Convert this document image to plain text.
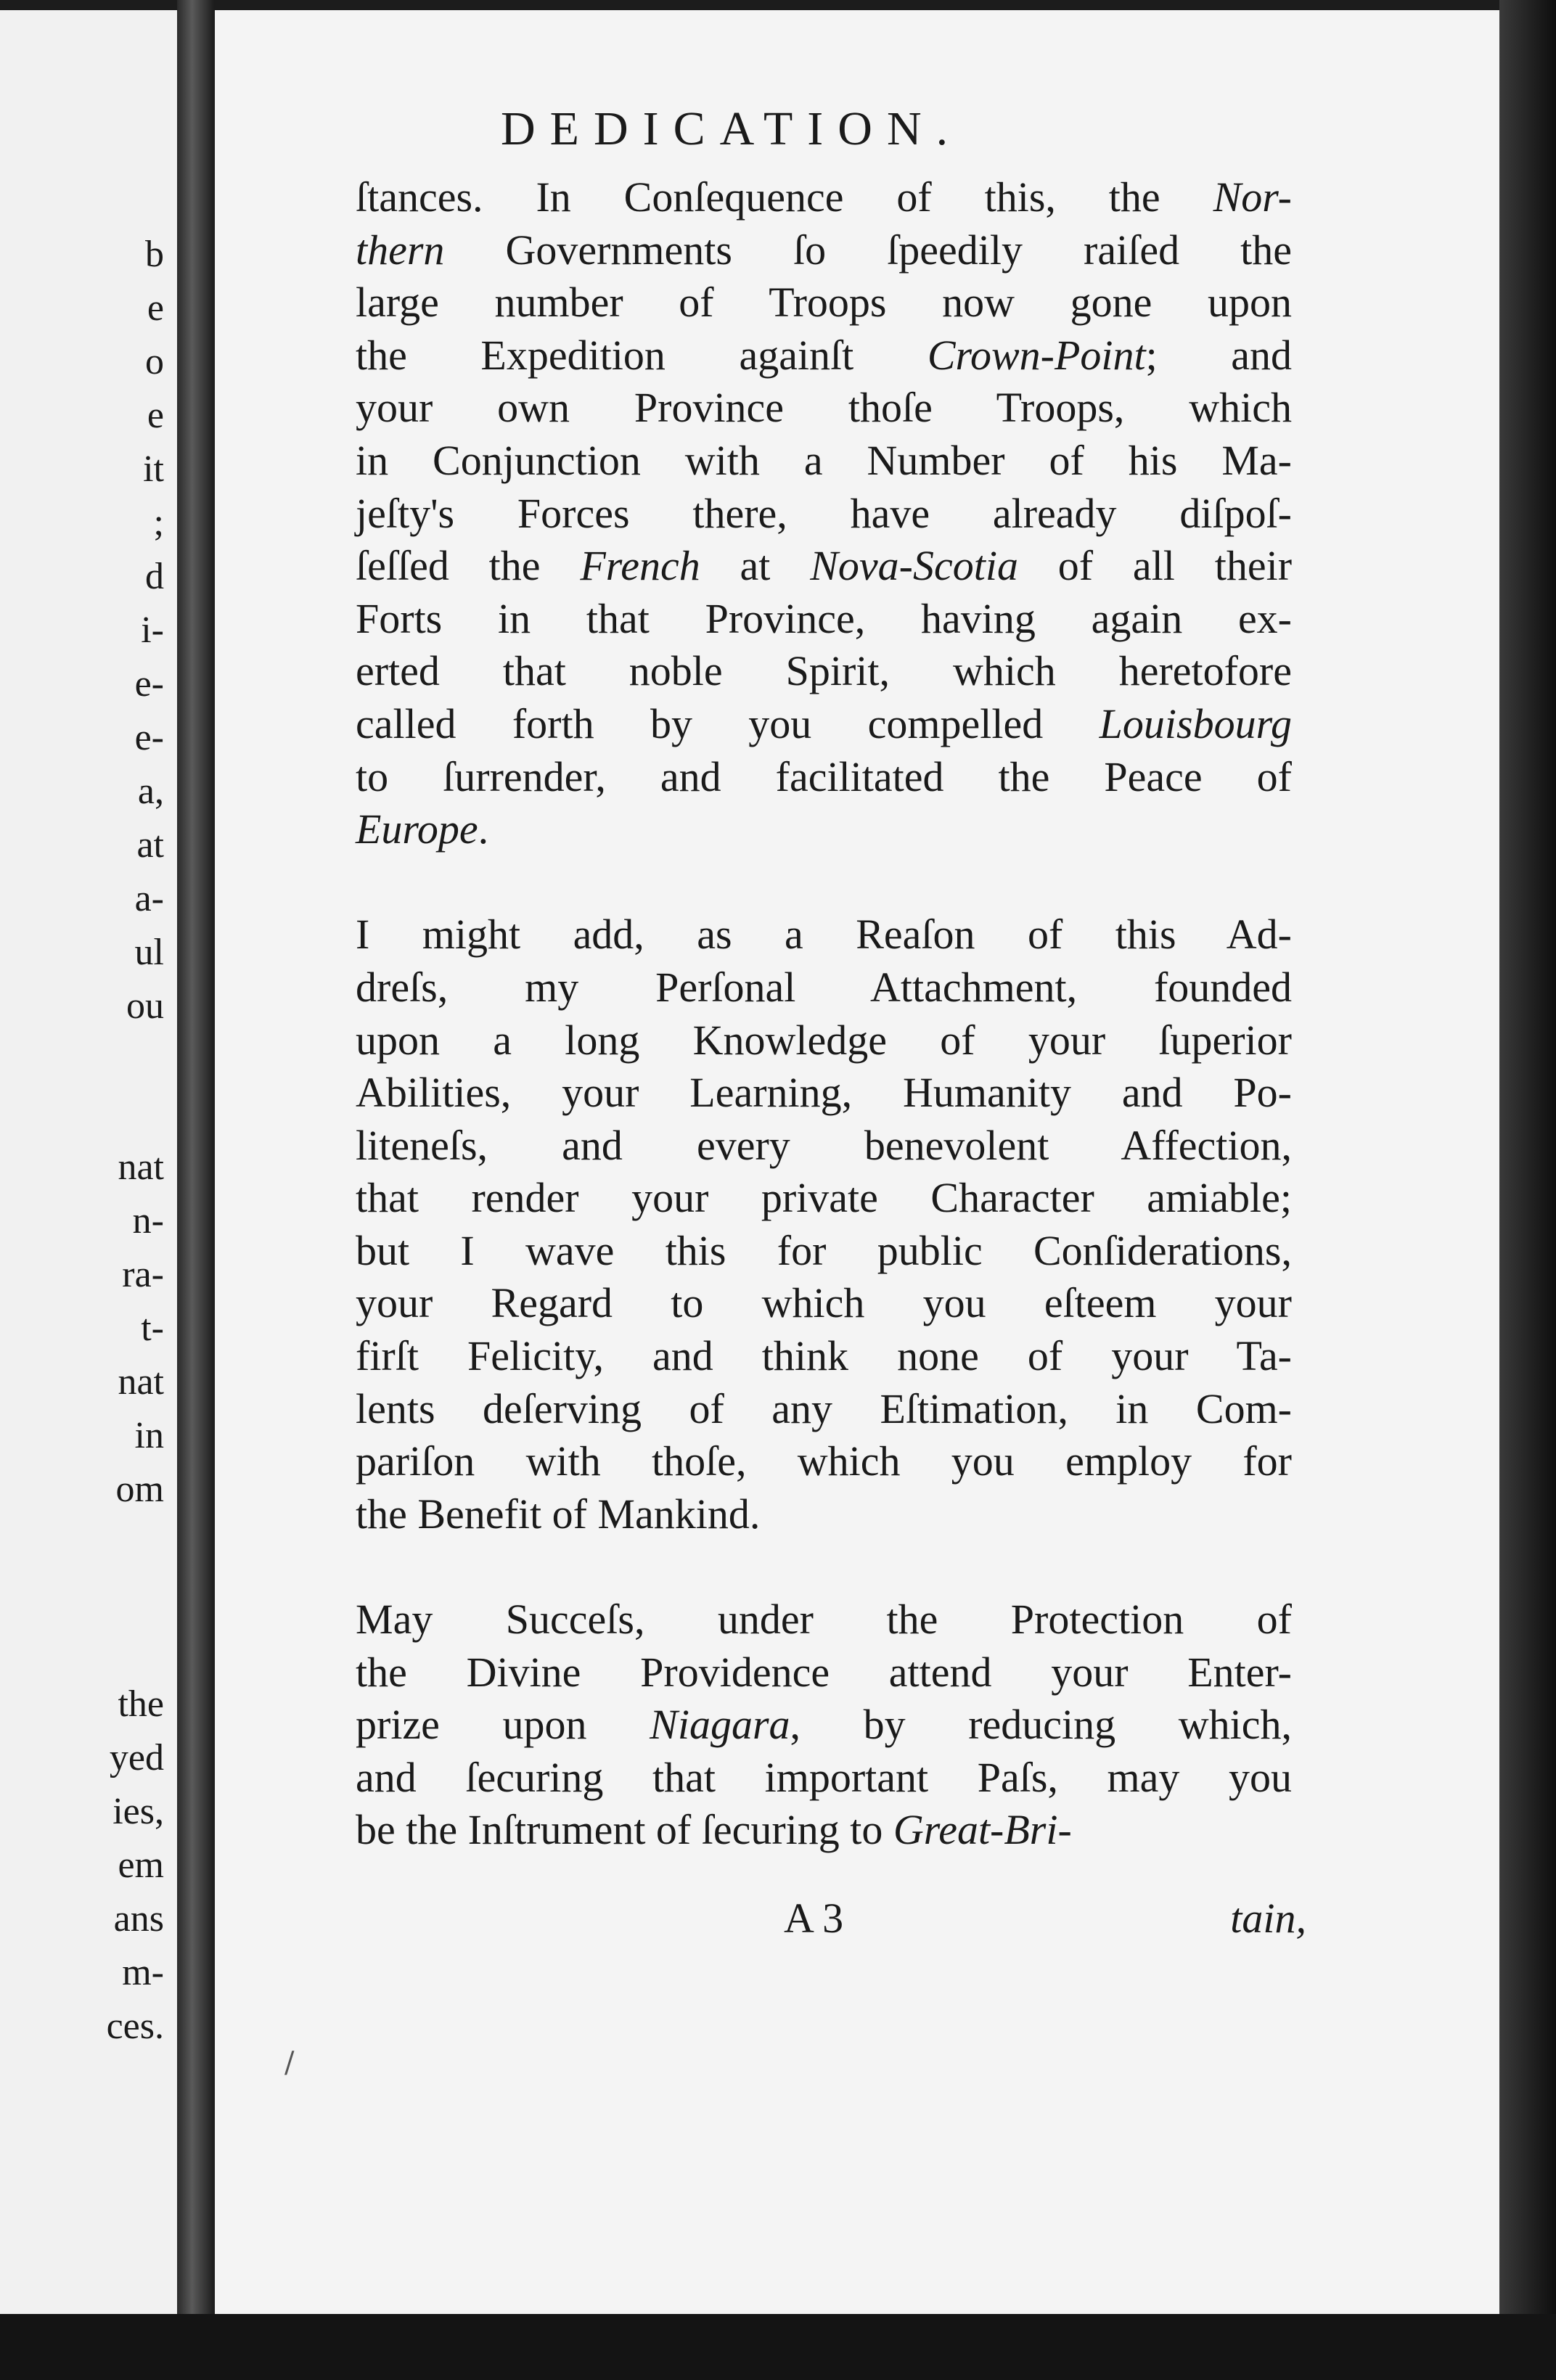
b
e
o
e
it
;
d
i-
e-
e-
a,
at
a-
ul
ou
nat
n-
ra-
t-
nat
in
om
the
yed
ies,
em
ans
m-
ces.
DEDICATION.
ſtances. In Conſequence of this, the Nor-
thern Governments ſo ſpeedily raiſed the
large number of Troops now gone upon
the Expedition againſt Crown-Point; and
your own Province thoſe Troops, which
in Conjunction with a Number of his Ma-
jeſty's Forces there, have already diſpoſ-
ſeſſed the French at Nova-Scotia of all their
Forts in that Province, having again ex-
erted that noble Spirit, which heretofore
called forth by you compelled Louisbourg
to ſurrender, and facilitated the Peace of
Europe.
I might add, as a Reaſon of this Ad-
dreſs, my Perſonal Attachment, founded
upon a long Knowledge of your ſuperior
Abilities, your Learning, Humanity and Po-
liteneſs, and every benevolent Affection,
that render your private Character amiable;
but I wave this for public Conſiderations,
your Regard to which you eſteem your
firſt Felicity, and think none of your Ta-
lents deſerving of any Eſtimation, in Com-
pariſon with thoſe, which you employ for
the Benefit of Mankind.
May Succeſs, under the Protection of
the Divine Providence attend your Enter-
prize upon Niagara, by reducing which,
and ſecuring that important Paſs, may you
be the Inſtrument of ſecuring to Great-Bri-
A 3	tain,
/
